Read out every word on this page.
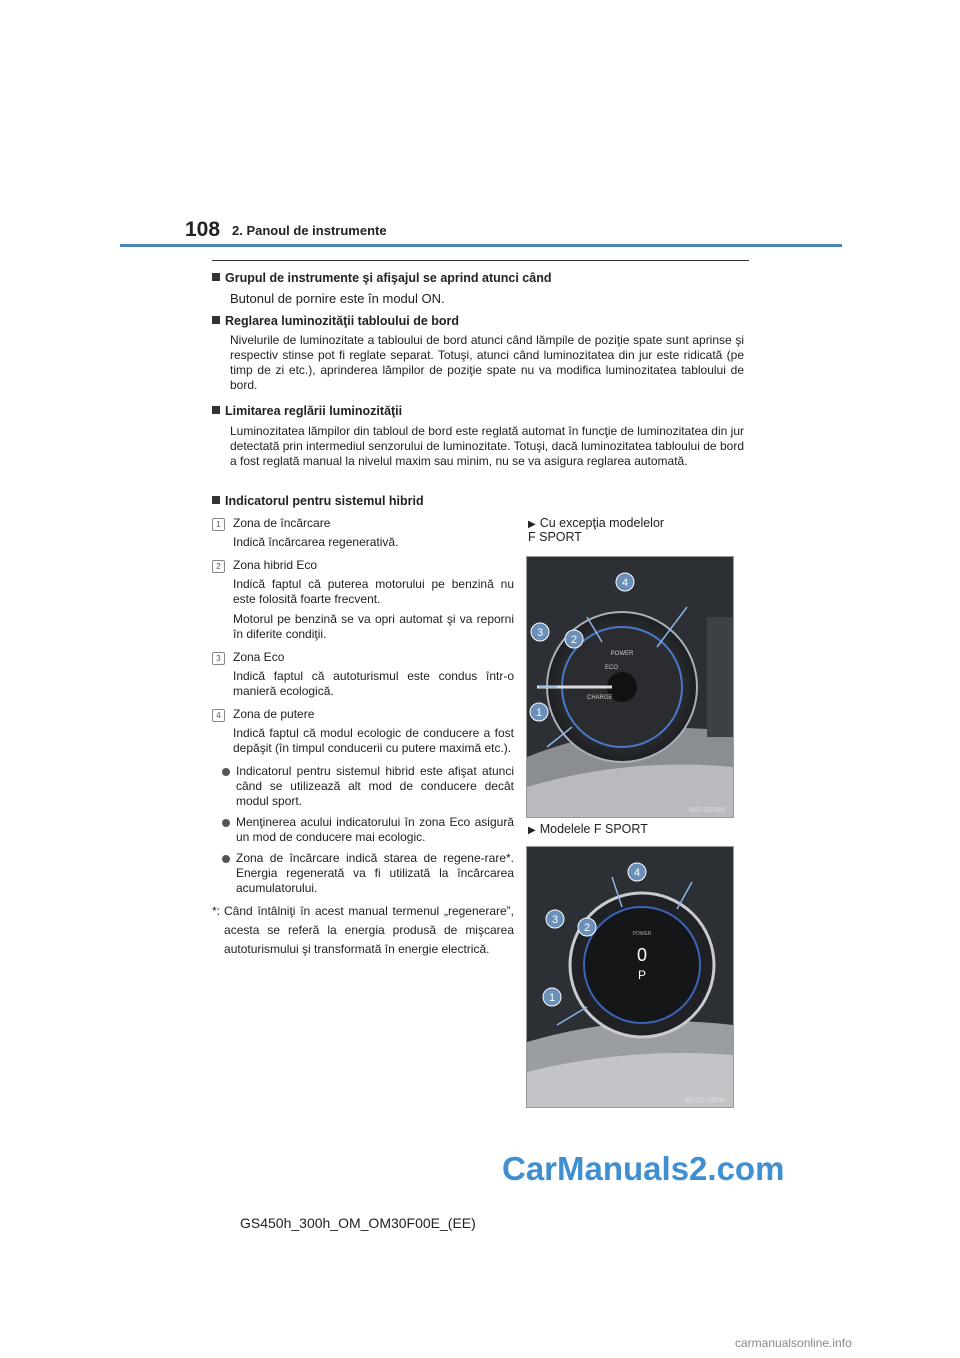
108 2. Panoul de instrumente
Grupul de instrumente şi afişajul se aprind atunci când
Butonul de pornire este în modul ON.
Reglarea luminozităţii tabloului de bord
Nivelurile de luminozitate a tabloului de bord atunci când lămpile de poziţie spate sunt aprinse şi respectiv stinse pot fi reglate separat. Totuşi, atunci când luminozitatea din jur este ridicată (pe timp de zi etc.), aprinderea lămpilor de poziţie spate nu va modifica luminozitatea tabloului de bord.
Limitarea reglării luminozităţii
Luminozitatea lămpilor din tabloul de bord este reglată automat în funcţie de luminozitatea din jur detectată prin intermediul senzorului de luminozitate. Totuşi, dacă luminozitatea tabloului de bord a fost reglată manual la nivelul maxim sau minim, nu se va asigura reglarea automată.
Indicatorul pentru sistemul hibrid
1	Zona de încărcare
Indică încărcarea regenerativă.
2	Zona hibrid Eco
Indică faptul că puterea motorului pe benzină nu este folosită foarte frecvent.
Motorul pe benzină se va opri automat şi va reporni în diferite condiţii.
3	Zona Eco
Indică faptul că autoturismul este condus într-o manieră ecologică.
4	Zona de putere
Indică faptul că modul ecologic de conducere a fost depăşit (în timpul conducerii cu putere maximă etc.).
Indicatorul pentru sistemul hibrid este afişat atunci când se utilizează alt mod de conducere decât modul sport.
Menţinerea acului indicatorului în zona Eco asigură un mod de conducere mai ecologic.
Zona de încărcare indică starea de regene-rare*. Energia regenerată va fi utilizată la încărcarea acumulatorului.
*: Când întâlniţi în acest manual termenul „regenerare”, acesta se referă la energia produsă de mişcarea autoturismului şi transformată în energie electrică.
▶ Cu excepţia modelelor
F SPORT
POWER
ECO
CHARGE
1
2
3
4
IN21GS389
▶ Modelele F SPORT
POWER
0
P
1
2
3
4
IN21GS390a
CarManuals2.com
GS450h_300h_OM_OM30F00E_(EE)
carmanualsonline.info
